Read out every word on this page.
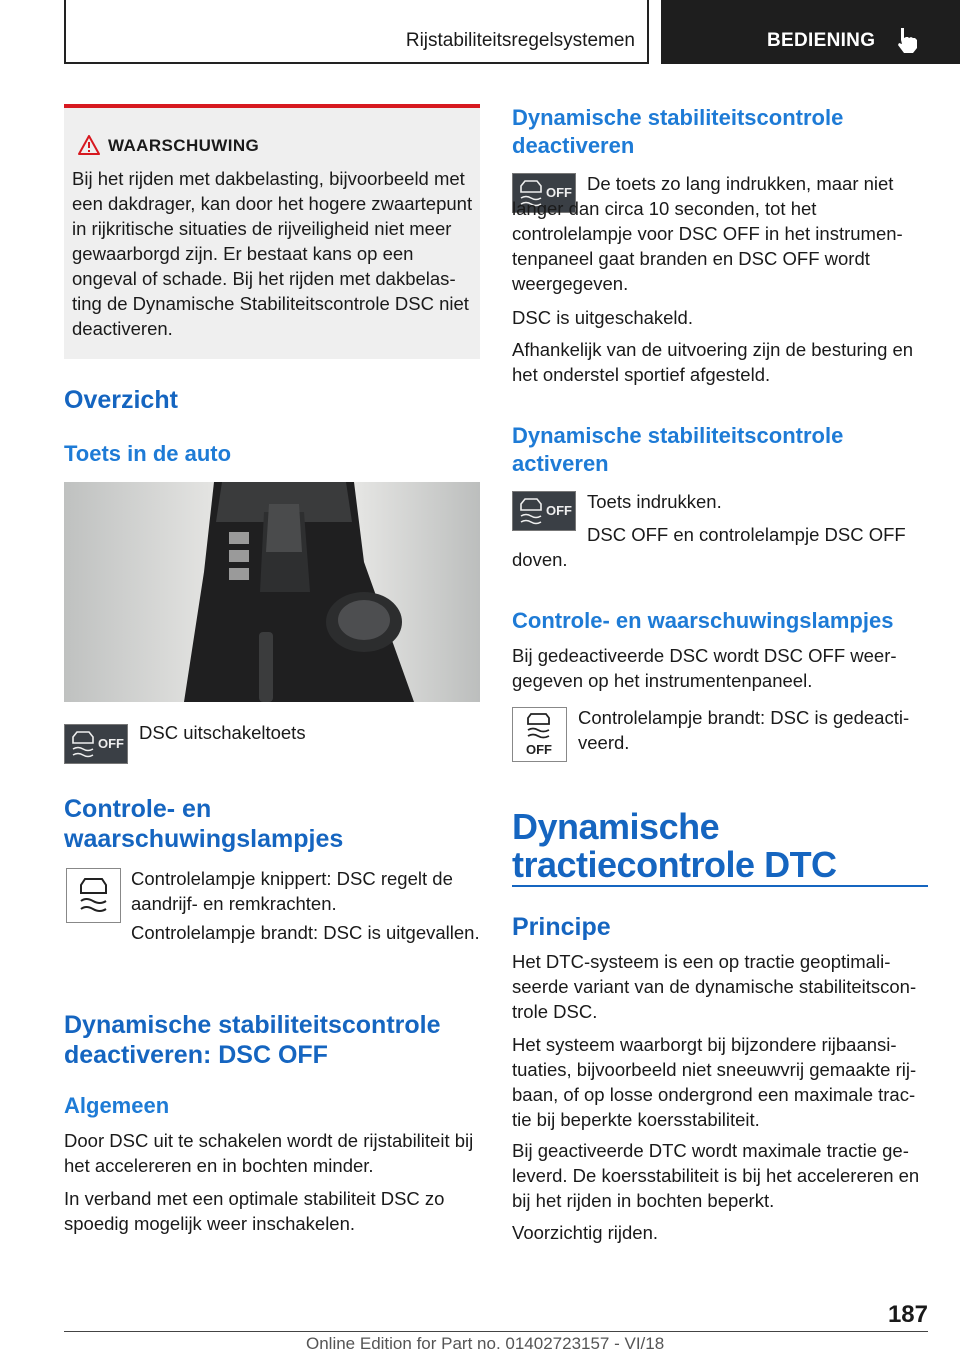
Rijstabiliteitsregelsystemen	BEDIENING
WAARSCHUWING
Bij het rijden met dakbelasting, bijvoorbeeld met een dakdrager, kan door het hogere zwaartepunt in rijkritische situaties de rijveiligheid niet meer gewaarborgd zijn. Er bestaat kans op een ongeval of schade. Bij het rijden met dakbelasting de Dynamische Stabiliteitscontrole DSC niet deactiveren.
Overzicht
Toets in de auto
OFF
DSC uitschakeltoets
Controle- en waarschuwingslampjes
Controlelampje knippert: DSC regelt de aandrijf- en remkrachten.
Controlelampje brandt: DSC is uitgevallen.
Dynamische stabiliteitscontrole deactiveren: DSC OFF
Algemeen
Door DSC uit te schakelen wordt de rijstabiliteit bij het accelereren en in bochten minder.
In verband met een optimale stabiliteit DSC zo spoedig mogelijk weer inschakelen.
Dynamische stabiliteitscontrole deactiveren
OFF De toets zo lang indrukken, maar niet langer dan circa 10 seconden, tot het controlelampje voor DSC OFF in het instrumentenpaneel gaat branden en DSC OFF wordt weergegeven.
DSC is uitgeschakeld.
Afhankelijk van de uitvoering zijn de besturing en het onderstel sportief afgesteld.
Dynamische stabiliteitscontrole activeren
OFF Toets indrukken.
DSC OFF en controlelampje DSC OFF doven.
Controle- en waarschuwingslampjes
Bij gedeactiveerde DSC wordt DSC OFF weergegeven op het instrumentenpaneel.
OFF
Controlelampje brandt: DSC is gedeactiveerd.
Dynamische tractiecontrole DTC
Principe
Het DTC-systeem is een op tractie geoptimaliseerde variant van de dynamische stabiliteitscontrole DSC.
Het systeem waarborgt bij bijzondere rijbaansituaties, bijvoorbeeld niet sneeuwvrij gemaakte rijbaan, of op losse ondergrond een maximale tractie bij beperkte koersstabiliteit.
Bij geactiveerde DTC wordt maximale tractie geleverd. De koersstabiliteit is bij het accelereren en bij het rijden in bochten beperkt.
Voorzichtig rijden.
187
Online Edition for Part no. 01402723157 - VI/18
